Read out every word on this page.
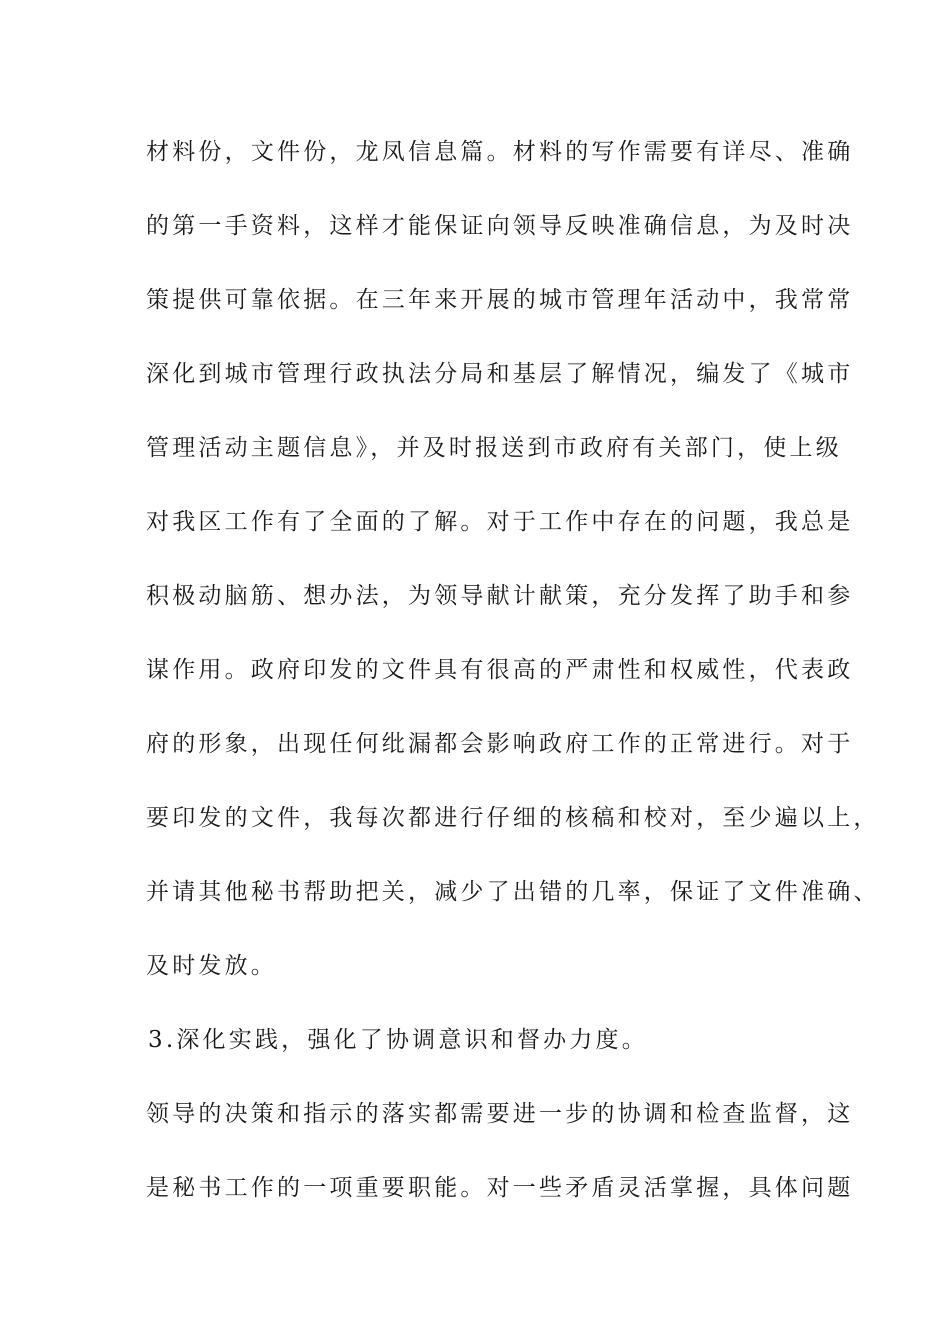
材料份，文件份，龙凤信息篇。材料的写作需要有详尽、准确
的第一手资料，这样才能保证向领导反映准确信息，为及时决
策提供可靠依据。在三年来开展的城市管理年活动中，我常常
深化到城市管理行政执法分局和基层了解情况，编发了《城市
管理活动主题信息》，并及时报送到市政府有关部门，使上级
对我区工作有了全面的了解。对于工作中存在的问题，我总是
积极动脑筋、想办法，为领导献计献策，充分发挥了助手和参
谋作用。政府印发的文件具有很高的严肃性和权威性，代表政
府的形象，出现任何纰漏都会影响政府工作的正常进行。对于
要印发的文件，我每次都进行仔细的核稿和校对，至少遍以上，
并请其他秘书帮助把关，减少了出错的几率，保证了文件准确、
及时发放。
3.深化实践，强化了协调意识和督办力度。
领导的决策和指示的落实都需要进一步的协调和检查监督，这
是秘书工作的一项重要职能。对一些矛盾灵活掌握，具体问题
